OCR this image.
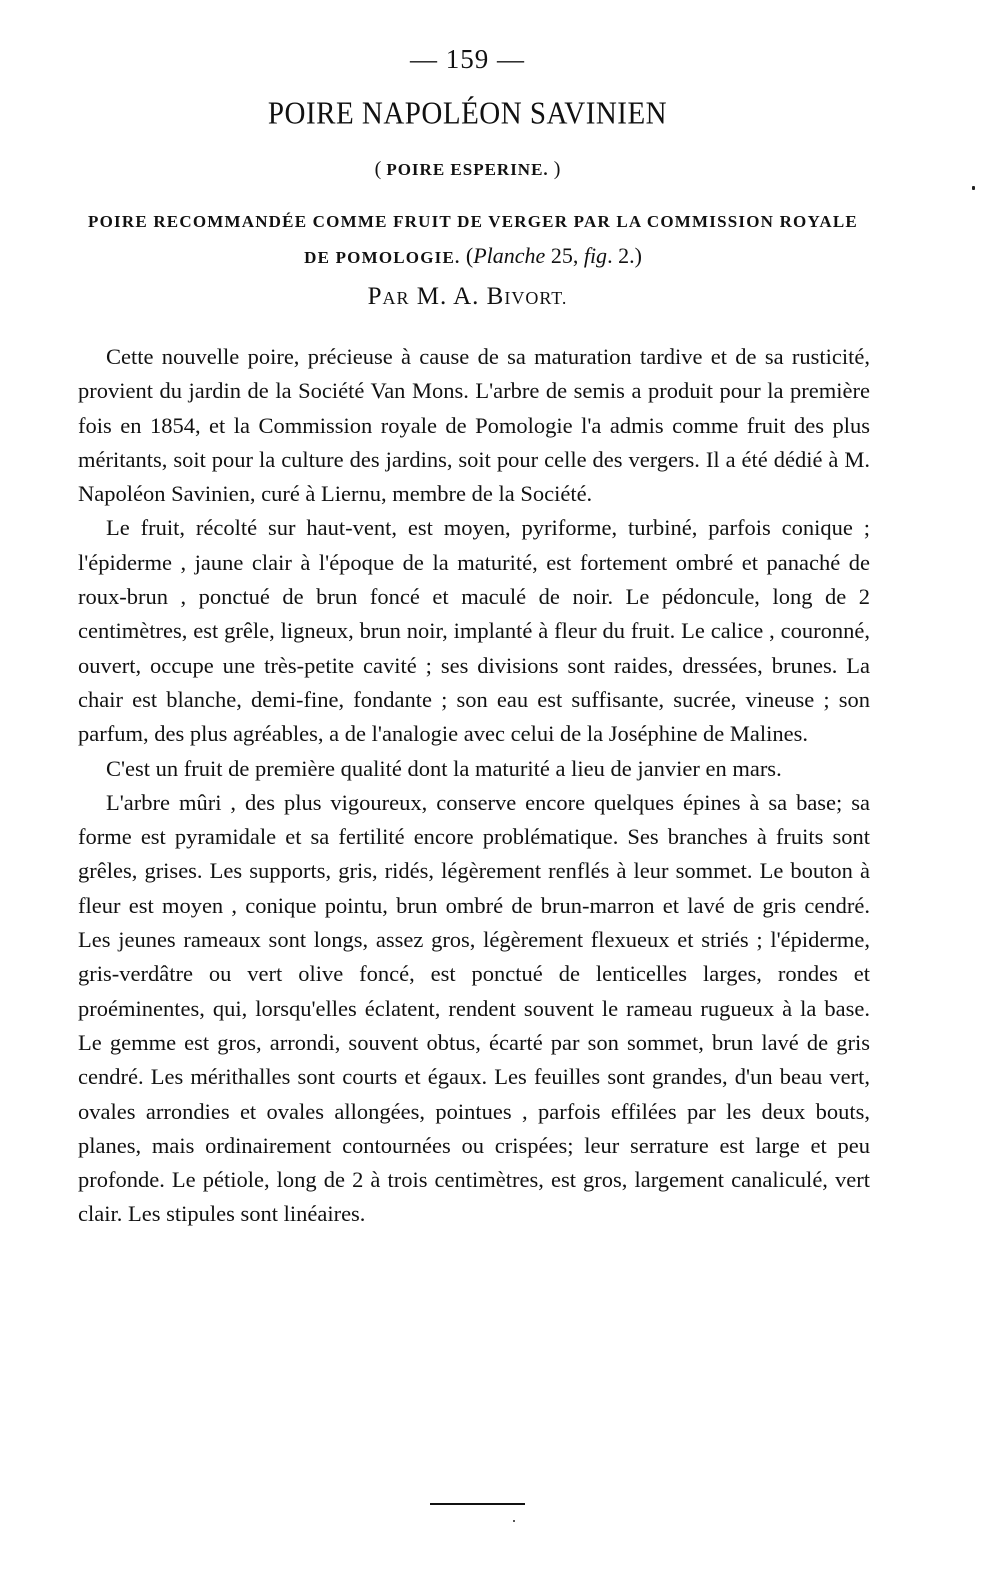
— 159 —
POIRE NAPOLÉON SAVINIEN
( POIRE ESPERINE. )
POIRE RECOMMANDÉE COMME FRUIT DE VERGER PAR LA COMMISSION ROYALE DE POMOLOGIE. (Planche 25, fig. 2.)
PAR M. A. BIVORT.

Cette nouvelle poire, précieuse à cause de sa maturation tardive et de sa rusticité, provient du jardin de la Société Van Mons. L'arbre de semis a produit pour la première fois en 1854, et la Commission royale de Pomologie l'a admis comme fruit des plus méritants, soit pour la culture des jardins, soit pour celle des vergers. Il a été dédié à M. Napoléon Savinien, curé à Liernu, membre de la Société.

Le fruit, récolté sur haut-vent, est moyen, pyriforme, turbiné, parfois conique ; l'épiderme , jaune clair à l'époque de la maturité, est fortement ombré et panaché de roux-brun , ponctué de brun foncé et maculé de noir. Le pédoncule, long de 2 centimètres, est grêle, ligneux, brun noir, implanté à fleur du fruit. Le calice , couronné, ouvert, occupe une très-petite cavité ; ses divisions sont raides, dressées, brunes. La chair est blanche, demi-fine, fondante ; son eau est suffisante, sucrée, vineuse ; son parfum, des plus agréables, a de l'analogie avec celui de la Joséphine de Malines.

C'est un fruit de première qualité dont la maturité a lieu de janvier en mars.

L'arbre mûri , des plus vigoureux, conserve encore quelques épines à sa base; sa forme est pyramidale et sa fertilité encore problématique. Ses branches à fruits sont grêles, grises. Les supports, gris, ridés, légèrement renflés à leur sommet. Le bouton à fleur est moyen , conique pointu, brun ombré de brun-marron et lavé de gris cendré. Les jeunes rameaux sont longs, assez gros, légèrement flexueux et striés ; l'épiderme, gris-verdâtre ou vert olive foncé, est ponctué de lenticelles larges, rondes et proéminentes, qui, lorsqu'elles éclatent, rendent souvent le rameau rugueux à la base. Le gemme est gros, arrondi, souvent obtus, écarté par son sommet, brun lavé de gris cendré. Les mérithalles sont courts et égaux. Les feuilles sont grandes, d'un beau vert, ovales arrondies et ovales allongées, pointues , parfois effilées par les deux bouts, planes, mais ordinairement contournées ou crispées; leur serrature est large et peu profonde. Le pétiole, long de 2 à trois centimètres, est gros, largement canaliculé, vert clair. Les stipules sont linéaires.
